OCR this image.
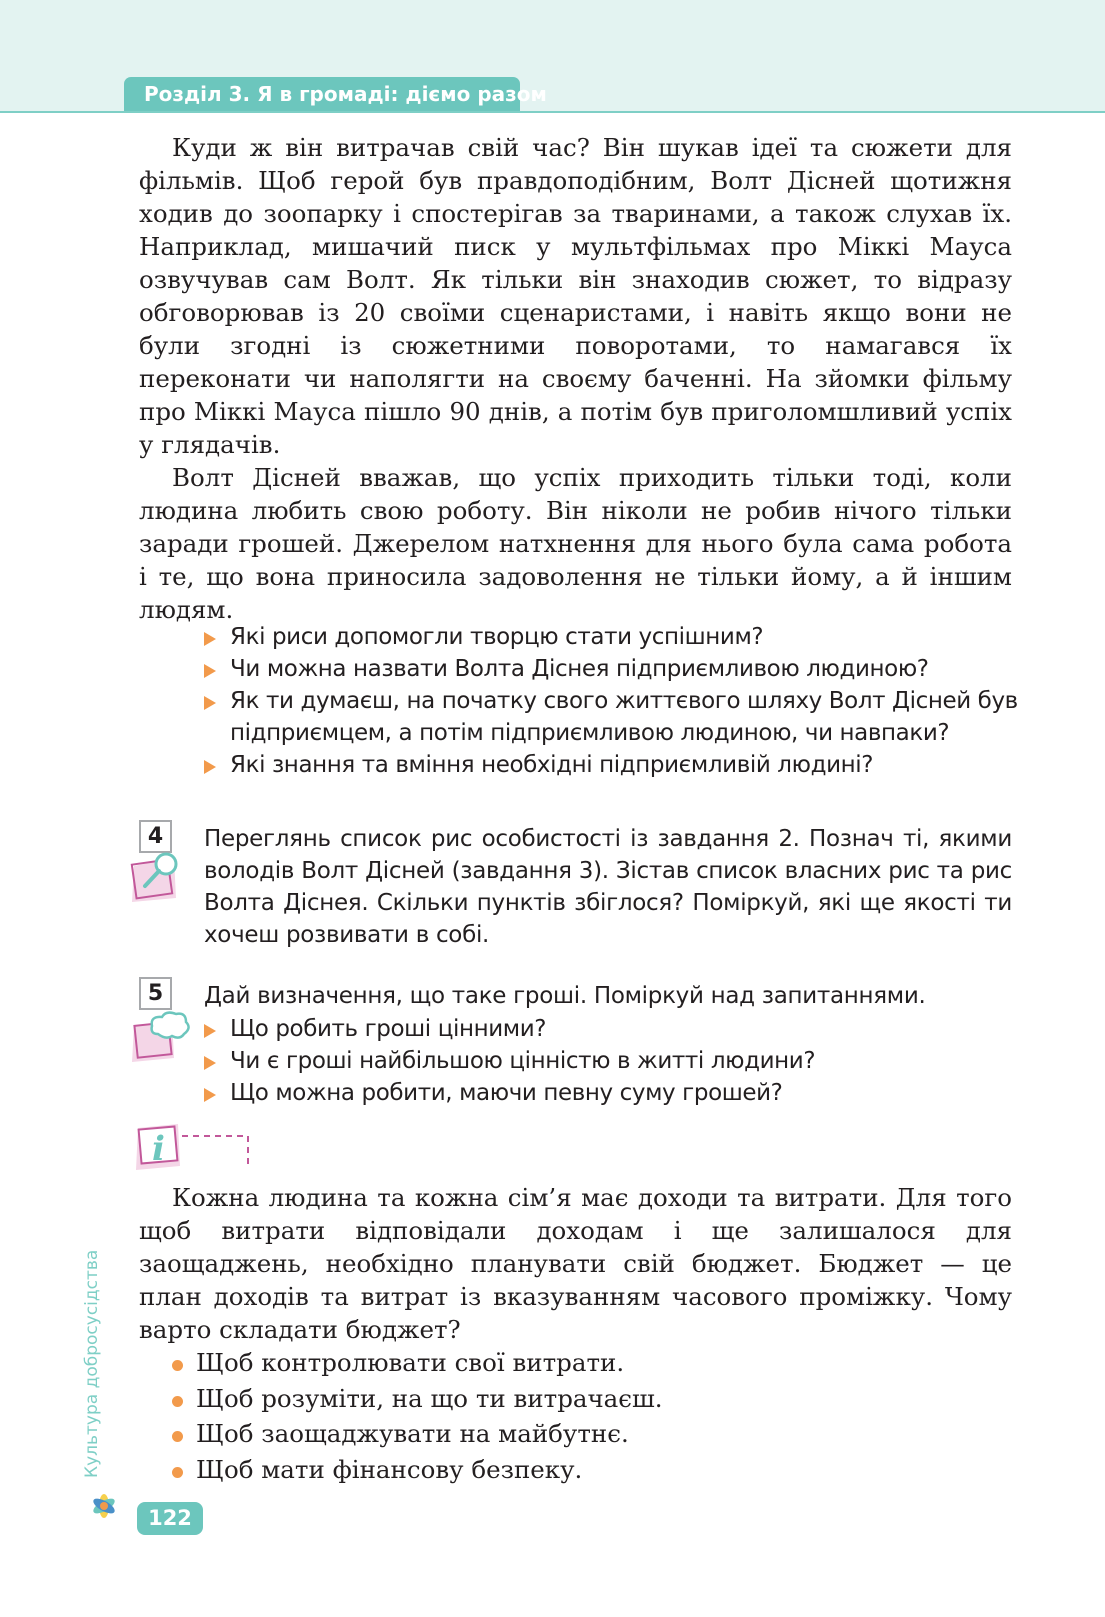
Розділ 3. Я в громаді: діємо разом

Куди ж він витрачав свій час? Він шукав ідеї та сюжети для фільмів. Щоб герой був правдоподібним, Волт Дісней щотижня ходив до зоопарку і спостерігав за тваринами, а також слухав їх. Наприклад, мишачий писк у мультфільмах про Міккі Мауса озвучував сам Волт. Як тільки він знаходив сюжет, то відразу обговорював із 20 своїми сценаристами, і навіть якщо вони не були згодні із сюжетними поворотами, то намагався їх переконати чи наполягти на своєму баченні. На зйомки фільму про Міккі Мауса пішло 90 днів, а потім був приголомшливий успіх у глядачів.

Волт Дісней вважав, що успіх приходить тільки тоді, коли людина любить свою роботу. Він ніколи не робив нічого тільки заради грошей. Джерелом натхнення для нього була сама робота і те, що вона приносила задоволення не тільки йому, а й іншим людям.

Які риси допомогли творцю стати успішним?
Чи можна назвати Волта Діснея підприємливою людиною?
Як ти думаєш, на початку свого життєвого шляху Волт Дісней був підприємцем, а потім підприємливою людиною, чи навпаки?
Які знання та вміння необхідні підприємливій людині?
4	Переглянь список рис особистості із завдання 2. Познач ті, якими володів Волт Дісней (завдання 3). Зістав список власних рис та рис Волта Діснея. Скільки пунктів збіглося? Поміркуй, які ще якості ти хочеш розвивати в собі.
5	Дай визначення, що таке гроші. Поміркуй над запитаннями.
Що робить гроші цінними?
Чи є гроші найбільшою цінністю в житті людини?
Що можна робити, маючи певну суму грошей?
i

Кожна людина та кожна сім’я має доходи та витрати. Для того щоб витрати відповідали доходам і ще залишалося для заощаджень, необхідно планувати свій бюджет. Бюджет — це план доходів та витрат із вказуванням часового проміжку. Чому варто складати бюджет?

Щоб контролювати свої витрати.
Щоб розуміти, на що ти витрачаєш.
Щоб заощаджувати на майбутнє.
Щоб мати фінансову безпеку.
Культура добросусідства
122
